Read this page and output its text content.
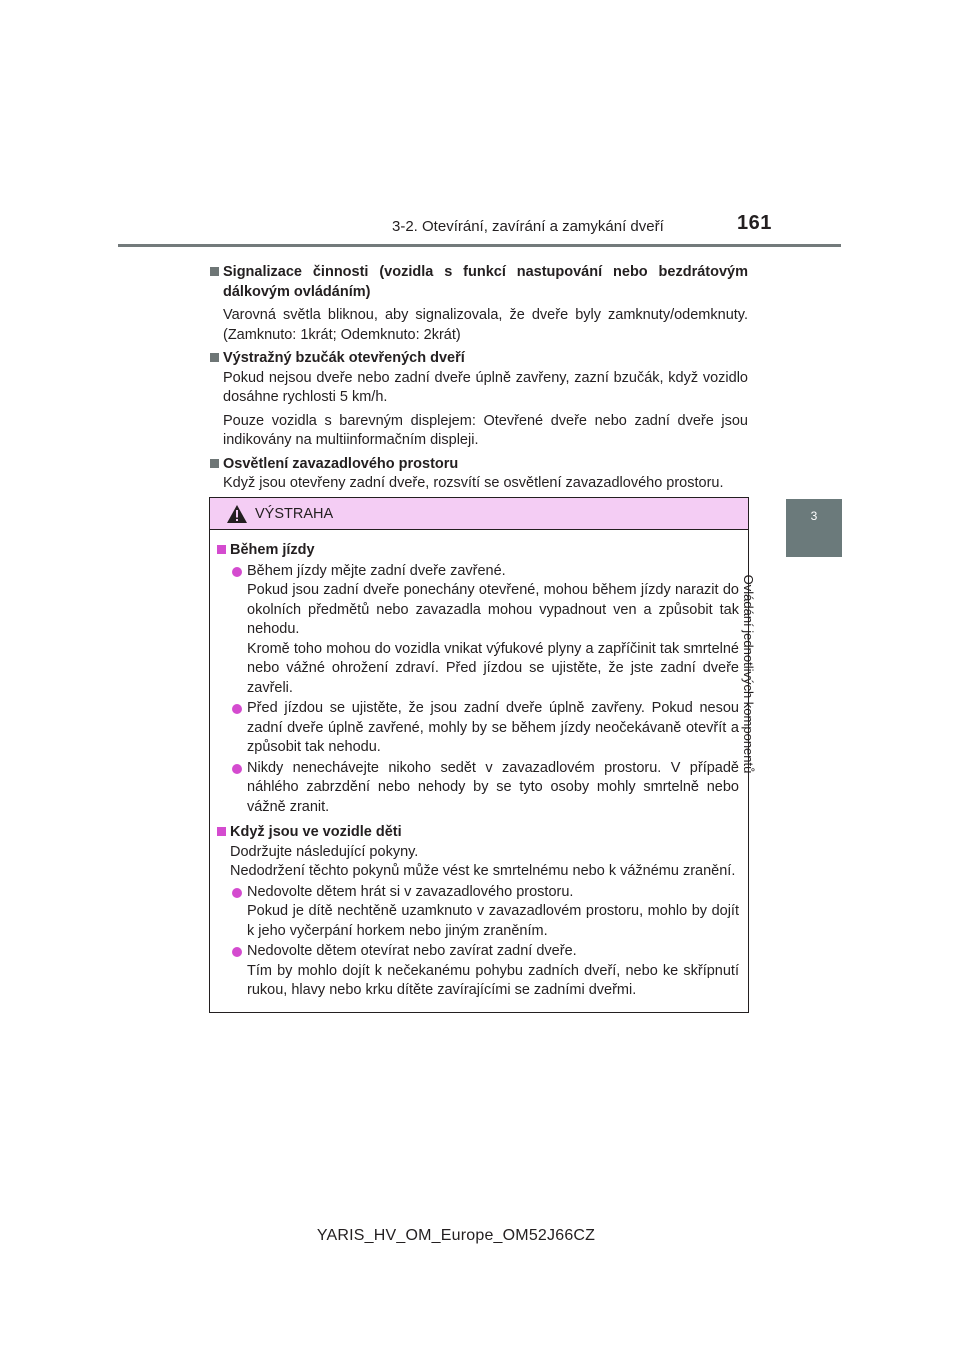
3-2. Otevírání, zavírání a zamykání dveří	161
3
Ovládání jednotlivých komponentů
Signalizace činnosti (vozidla s funkcí nastupování nebo bezdrátovým dálkovým ovládáním)
Varovná světla bliknou, aby signalizovala, že dveře byly zamknuty/odemknuty. (Zamknuto: 1krát; Odemknuto: 2krát)
Výstražný bzučák otevřených dveří
Pokud nejsou dveře nebo zadní dveře úplně zavřeny, zazní bzučák, když vozidlo dosáhne rychlosti 5 km/h.
Pouze vozidla s barevným displejem: Otevřené dveře nebo zadní dveře jsou indikovány na multiinformačním displeji.
Osvětlení zavazadlového prostoru
Když jsou otevřeny zadní dveře, rozsvítí se osvětlení zavazadlového prostoru.
VÝSTRAHA
Během jízdy
Během jízdy mějte zadní dveře zavřené.
Pokud jsou zadní dveře ponechány otevřené, mohou během jízdy narazit do okolních předmětů nebo zavazadla mohou vypadnout ven a způsobit tak nehodu.
Kromě toho mohou do vozidla vnikat výfukové plyny a zapříčinit tak smrtelné nebo vážné ohrožení zdraví. Před jízdou se ujistěte, že jste zadní dveře zavřeli.
Před jízdou se ujistěte, že jsou zadní dveře úplně zavřeny. Pokud nesou zadní dveře úplně zavřené, mohly by se během jízdy neočekávaně otevřít a způsobit tak nehodu.
Nikdy nenechávejte nikoho sedět v zavazadlovém prostoru. V případě náhlého zabrzdění nebo nehody by se tyto osoby mohly smrtelně nebo vážně zranit.
Když jsou ve vozidle děti
Dodržujte následující pokyny.
Nedodržení těchto pokynů může vést ke smrtelnému nebo k vážnému zranění.
Nedovolte dětem hrát si v zavazadlového prostoru.
Pokud je dítě nechtěně uzamknuto v zavazadlovém prostoru, mohlo by dojít k jeho vyčerpání horkem nebo jiným zraněním.
Nedovolte dětem otevírat nebo zavírat zadní dveře.
Tím by mohlo dojít k nečekanému pohybu zadních dveří, nebo ke skřípnutí rukou, hlavy nebo krku dítěte zavírajícími se zadními dveřmi.
YARIS_HV_OM_Europe_OM52J66CZ
